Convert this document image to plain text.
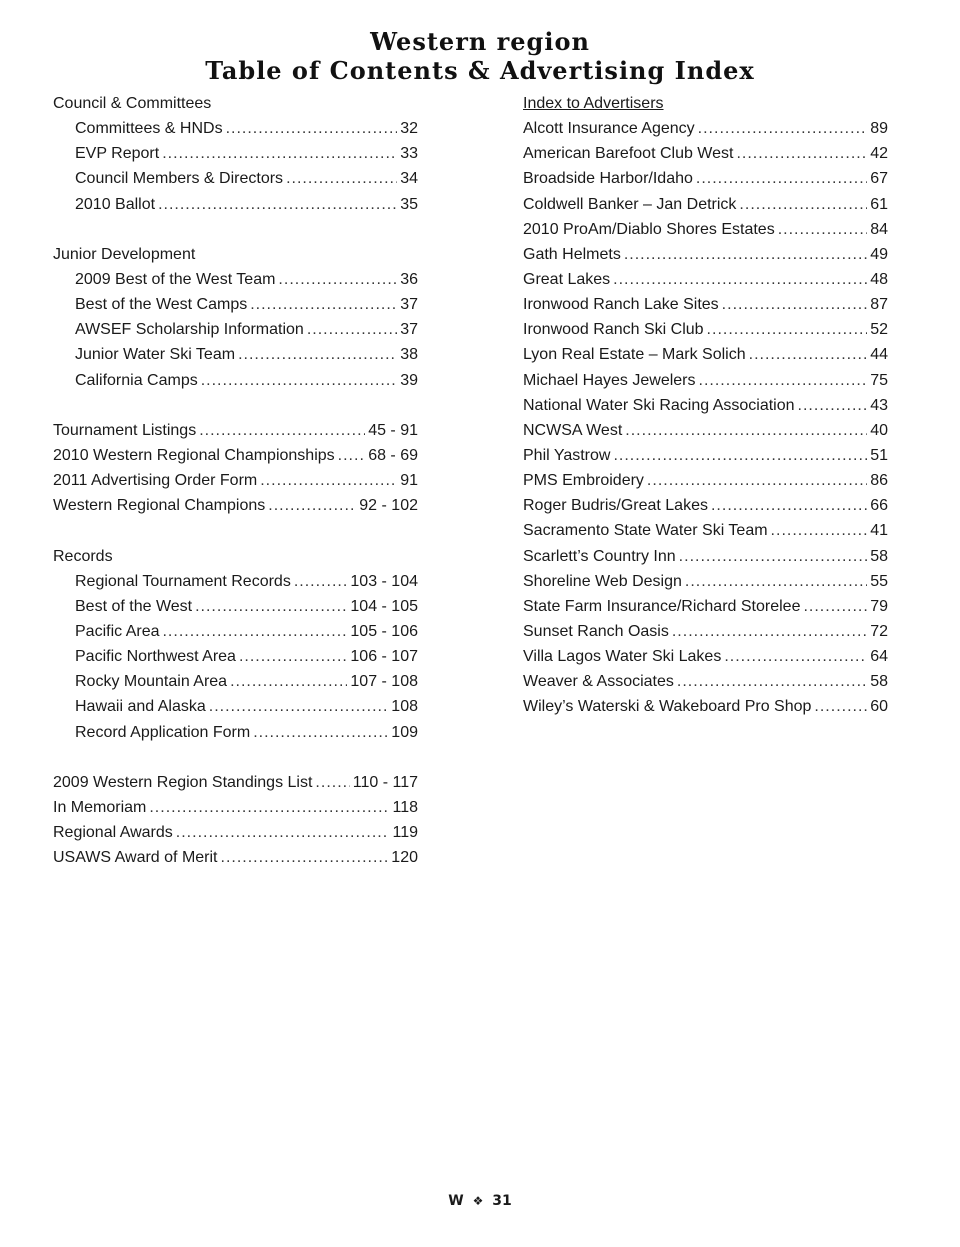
Western region
Table of Contents & Advertising Index
Council & Committees
Committees & HNDs .....	32
EVP Report .....	33
Council Members & Directors .....	34
2010 Ballot .....	35
Junior Development
2009 Best of the West Team .....	36
Best of the West Camps .....	37
AWSEF Scholarship Information .....	37
Junior Water Ski Team .....	38
California Camps .....	39
Tournament Listings .....	45 - 91
2010 Western Regional Championships ..... 68 - 69
2011 Advertising Order Form .....	91
Western Regional Champions .....	92 - 102
Records
Regional Tournament Records .....	103 - 104
Best of the West .....	104 - 105
Pacific Area .....	105 - 106
Pacific Northwest Area .....	106 - 107
Rocky Mountain Area .....	107 - 108
Hawaii and Alaska .....	108
Record Application Form .....	109
2009 Western Region Standings List .....	110 - 117
In Memoriam .....	118
Regional Awards .....	119
USAWS Award of Merit .....	120
Index to Advertisers
Alcott Insurance Agency .....	89
American Barefoot Club West .....	42
Broadside Harbor/Idaho .....	67
Coldwell Banker – Jan Detrick .....	61
2010 ProAm/Diablo Shores Estates .....	84
Gath Helmets .....	49
Great Lakes .....	48
Ironwood Ranch Lake Sites .....	87
Ironwood Ranch Ski Club .....	52
Lyon Real Estate – Mark Solich .....	44
Michael Hayes Jewelers .....	75
National Water Ski Racing Association .....	43
NCWSA West .....	40
Phil Yastrow .....	51
PMS Embroidery .....	86
Roger Budris/Great Lakes .....	66
Sacramento State Water Ski Team .....	41
Scarlett’s Country Inn .....	58
Shoreline Web Design .....	55
State Farm Insurance/Richard Storelee .....	79
Sunset Ranch Oasis .....	72
Villa Lagos Water Ski Lakes .....	64
Weaver & Associates .....	58
Wiley’s Waterski & Wakeboard Pro Shop .....	60
W ❖ 31
